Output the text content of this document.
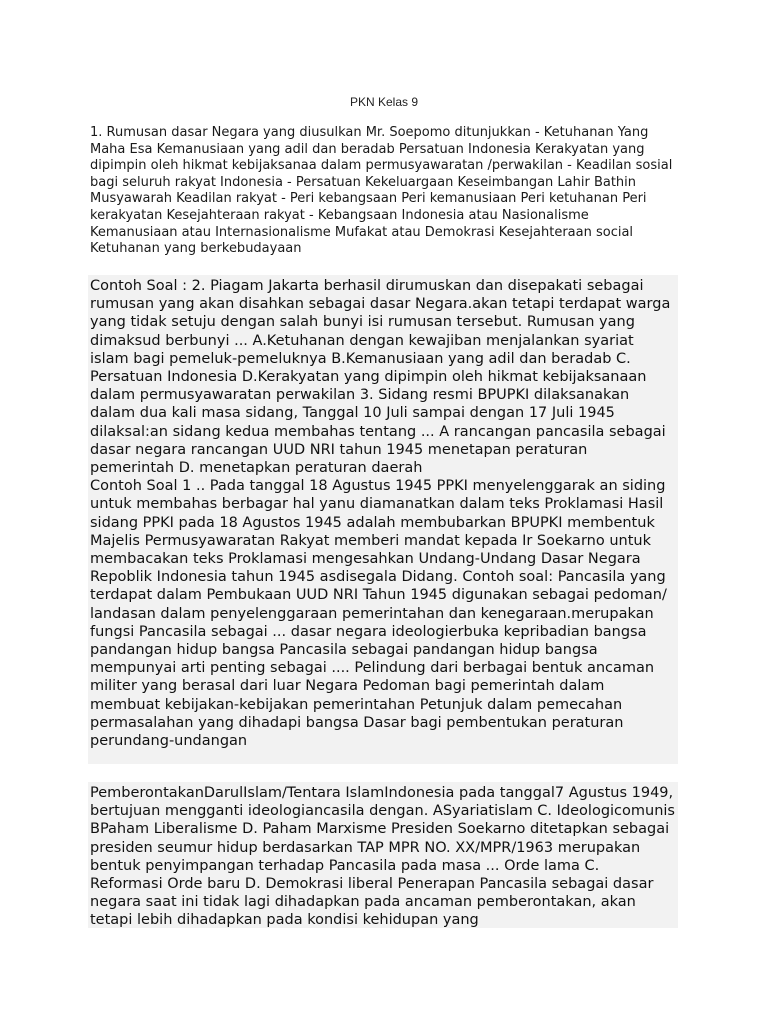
PKN Kelas 9

1. Rumusan dasar Negara yang diusulkan Mr. Soepomo ditunjukkan - Ketuhanan Yang Maha Esa Kemanusiaan yang adil dan beradab Persatuan Indonesia Kerakyatan yang dipimpin oleh hikmat kebijaksanaa dalam permusyawaratan /perwakilan - Keadilan sosial bagi seluruh rakyat Indonesia - Persatuan Kekeluargaan Keseimbangan Lahir Bathin Musyawarah Keadilan rakyat - Peri kebangsaan Peri kemanusiaan Peri ketuhanan Peri kerakyatan Kesejahteraan rakyat - Kebangsaan Indonesia atau Nasionalisme Kemanusiaan atau Internasionalisme Mufakat atau Demokrasi Kesejahteraan social Ketuhanan yang berkebudayaan

Contoh Soal : 2. Piagam Jakarta berhasil dirumuskan dan disepakati sebagai rumusan yang akan disahkan sebagai dasar Negara.akan tetapi terdapat warga yang tidak setuju dengan salah bunyi isi rumusan tersebut. Rumusan yang dimaksud berbunyi ... A.Ketuhanan dengan kewajiban menjalankan syariat islam bagi pemeluk-pemeluknya B.Kemanusiaan yang adil dan beradab C. Persatuan Indonesia D.Kerakyatan yang dipimpin oleh hikmat kebijaksanaan dalam permusyawaratan perwakilan 3. Sidang resmi BPUPKI dilaksanakan dalam dua kali masa sidang, Tanggal 10 Juli sampai dengan 17 Juli 1945 dilaksal:an sidang kedua membahas tentang ... A rancangan pancasila sebagai dasar negara rancangan UUD NRI tahun 1945 menetapan peraturan pemerintah D. menetapkan peraturan daerah

Contoh Soal 1 .. Pada tanggal 18 Agustus 1945 PPKI menyelenggarak an siding untuk membahas berbagar hal yanu diamanatkan dalam teks Proklamasi Hasil sidang PPKI pada 18 Agustos 1945 adalah membubarkan BPUPKI membentuk Majelis Permusyawaratan Rakyat memberi mandat kepada Ir Soekarno untuk membacakan teks Proklamasi mengesahkan Undang-Undang Dasar Negara Repoblik Indonesia tahun 1945 asdisegala Didang. Contoh soal: Pancasila yang terdapat dalam Pembukaan UUD NRI Tahun 1945 digunakan sebagai pedoman/ landasan dalam penyelenggaraan pemerintahan dan kenegaraan.merupakan fungsi Pancasila sebagai ... dasar negara ideologierbuka kepribadian bangsa pandangan hidup bangsa Pancasila sebagai pandangan hidup bangsa mempunyai arti penting sebagai .... Pelindung dari berbagai bentuk ancaman militer yang berasal dari luar Negara Pedoman bagi pemerintah dalam membuat kebijakan-kebijakan pemerintahan Petunjuk dalam pemecahan permasalahan yang dihadapi bangsa Dasar bagi pembentukan peraturan perundang-undangan

PemberontakanDarulIslam/Tentara IslamIndonesia pada tanggal7 Agustus 1949, bertujuan mengganti ideologiancasila dengan. ASyariatislam C. Ideologicomunis BPaham Liberalisme D. Paham Marxisme Presiden Soekarno ditetapkan sebagai presiden seumur hidup berdasarkan TAP MPR NO. XX/MPR/1963 merupakan bentuk penyimpangan terhadap Pancasila pada masa ... Orde lama C. Reformasi Orde baru D. Demokrasi liberal Penerapan Pancasila sebagai dasar negara saat ini tidak lagi dihadapkan pada ancaman pemberontakan, akan tetapi lebih dihadapkan pada kondisi kehidupan yang
